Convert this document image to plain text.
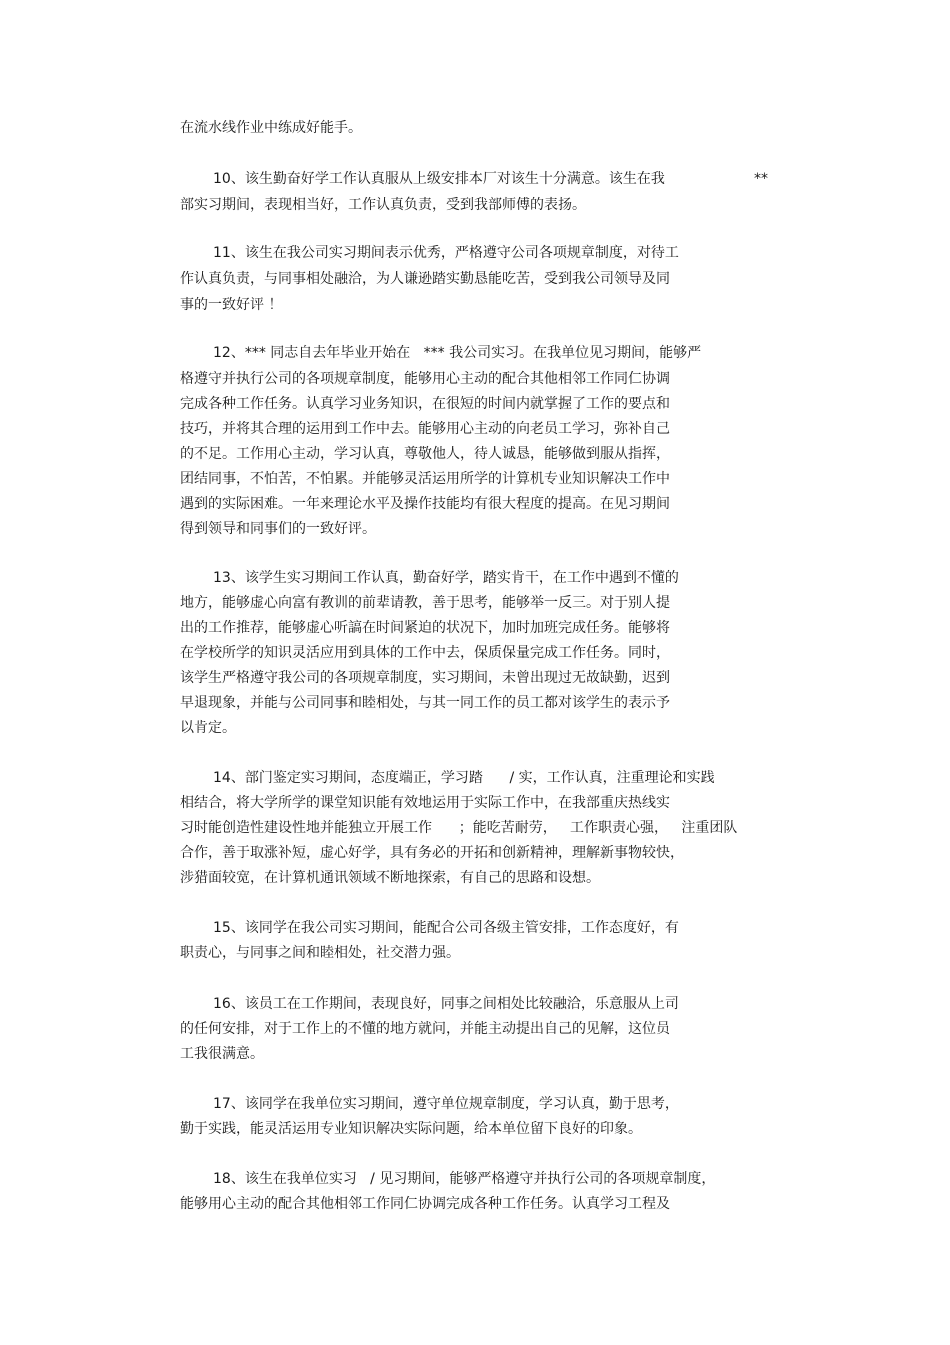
在流水线作业中练成好能手。
10、该生勤奋好学工作认真服从上级安排本厂对该生十分满意。该生在我	**
部实习期间，表现相当好，工作认真负责，受到我部师傅的表扬。
11、该生在我公司实习期间表示优秀，严格遵守公司各项规章制度，对待工
作认真负责，与同事相处融洽，为人谦逊踏实勤恳能吃苦，受到我公司领导及同
事的一致好评 ！
12、*** 同志自去年毕业开始在   *** 我公司实习。在我单位见习期间，能够严
格遵守并执行公司的各项规章制度，能够用心主动的配合其他相邻工作同仁协调
完成各种工作任务。认真学习业务知识，在很短的时间内就掌握了工作的要点和
技巧，并将其合理的运用到工作中去。能够用心主动的向老员工学习，弥补自己
的不足。工作用心主动，学习认真，尊敬他人，待人诚恳，能够做到服从指挥，
团结同事，不怕苦，不怕累。并能够灵活运用所学的计算机专业知识解决工作中
遇到的实际困难。一年来理论水平及操作技能均有很大程度的提高。在见习期间
得到领导和同事们的一致好评。
13、该学生实习期间工作认真，勤奋好学，踏实肯干，在工作中遇到不懂的
地方，能够虚心向富有教训的前辈请教，善于思考，能够举一反三。对于别人提
出的工作推荐，能够虚心听謞在时间紧迫的状况下，加时加班完成任务。能够将
在学校所学的知识灵活应用到具体的工作中去，保质保量完成工作任务。同时，
该学生严格遵守我公司的各项规章制度，实习期间，未曾出现过无故缺勤，迟到
早退现象，并能与公司同事和睦相处，与其一同工作的员工都对该学生的表示予
以肯定。
14、部门鉴定实习期间，态度端正，学习踏      / 实，工作认真，注重理论和实践
相结合，将大学所学的课堂知识能有效地运用于实际工作中，在我部重庆热线实
习时能创造性建设性地并能独立开展工作      ；能吃苦耐劳，   工作职责心强，   注重团队
合作，善于取涨补短，虚心好学，具有务必的开拓和创新精神，理解新事物较快，
涉猎面较宽，在计算机通讯领域不断地探索，有自己的思路和设想。
15、该同学在我公司实习期间，能配合公司各级主管安排，工作态度好，有
职责心，与同事之间和睦相处，社交潜力强。
16、该员工在工作期间，表现良好，同事之间相处比较融洽，乐意服从上司
的任何安排，对于工作上的不懂的地方就问，并能主动提出自己的见解，这位员
工我很满意。
17、该同学在我单位实习期间，遵守单位规章制度，学习认真，勤于思考，
勤于实践，能灵活运用专业知识解决实际问题，给本单位留下良好的印象。
18、该生在我单位实习   / 见习期间，能够严格遵守并执行公司的各项规章制度，
能够用心主动的配合其他相邻工作同仁协调完成各种工作任务。认真学习工程及
